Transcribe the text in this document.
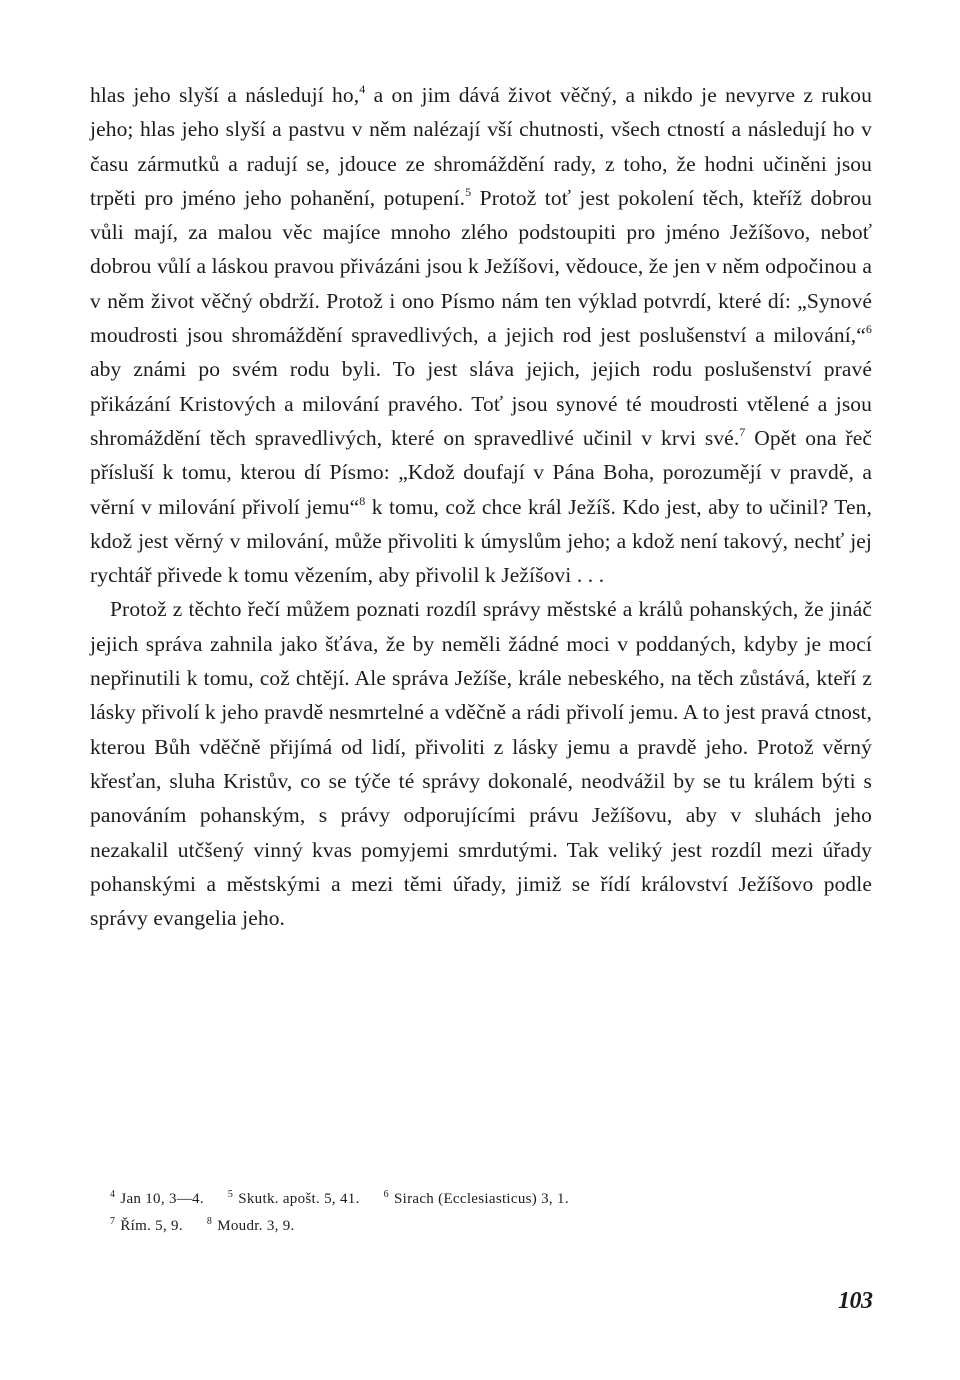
hlas jeho slyší a následují ho,$^4$ a on jim dává život věčný, a nikdo je nevyrve z rukou jeho; hlas jeho slyší a pastvu v něm nalézají vší chutnosti, všech ctností a následují ho v času zármutků a radují se, jdouce ze shromáždění rady, z toho, že hodni učiněni jsou trpěti pro jméno jeho pohanění, potupení.$^5$ Protož toť jest pokolení těch, kteříž dobrou vůli mají, za malou věc majíce mnoho zlého podstoupiti pro jméno Ježíšovo, neboť dobrou vůlí a láskou pravou přivázáni jsou k Ježíšovi, vědouce, že jen v něm odpočinou a v něm život věčný obdrží. Protož i ono Písmo nám ten výklad potvrdí, které dí: „Synové moudrosti jsou shromáždění spravedlivých, a jejich rod jest poslušenství a milování,“$^6$ aby známi po svém rodu byli. To jest sláva jejich, jejich rodu poslušenství pravé přikázání Kristových a milování pravého. Toť jsou synové té moudrosti vtělené a jsou shromáždění těch spravedlivých, které on spravedlivé učinil v krvi své.$^7$ Opět ona řeč přísluší k tomu, kterou dí Písmo: „Kdož doufají v Pána Boha, porozumějí v pravdě, a věrní v milování přivolí jemu“$^8$ k tomu, což chce král Ježíš. Kdo jest, aby to učinil? Ten, kdož jest věrný v milování, může přivoliti k úmyslům jeho; a kdož není takový, nechť jej rychtář přivede k tomu vězením, aby přivolil k Ježíšovi . . .

Protož z těchto řečí můžem poznati rozdíl správy městské a králů pohanských, že jináč jejich správa zahnila jako šťáva, že by neměli žádné moci v poddaných, kdyby je mocí nepřinutili k tomu, což chtějí. Ale správa Ježíše, krále nebeského, na těch zůstává, kteří z lásky přivolí k jeho pravdě nesmrtelné a vděčně a rádi přivolí jemu. A to jest pravá ctnost, kterou Bůh vděčně přijímá od lidí, přivoliti z lásky jemu a pravdě jeho. Protož věrný křesťan, sluha Kristův, co se týče té správy dokonalé, neodvážil by se tu králem býti s panováním pohanským, s právy odporujícími právu Ježíšovu, aby v sluhách jeho nezakalil utčšený vinný kvas pomyjemi smrdutými. Tak veliký jest rozdíl mezi úřady pohanskými a městskými a mezi těmi úřady, jimiž se řídí království Ježíšovo podle správy evangelia jeho.

$^4$ Jan 10, 3—4. $^5$ Skutk. apošt. 5, 41. $^6$ Sirach (Ecclesiasticus) 3, 1.
$^7$ Řím. 5, 9. $^8$ Moudr. 3, 9.
103
